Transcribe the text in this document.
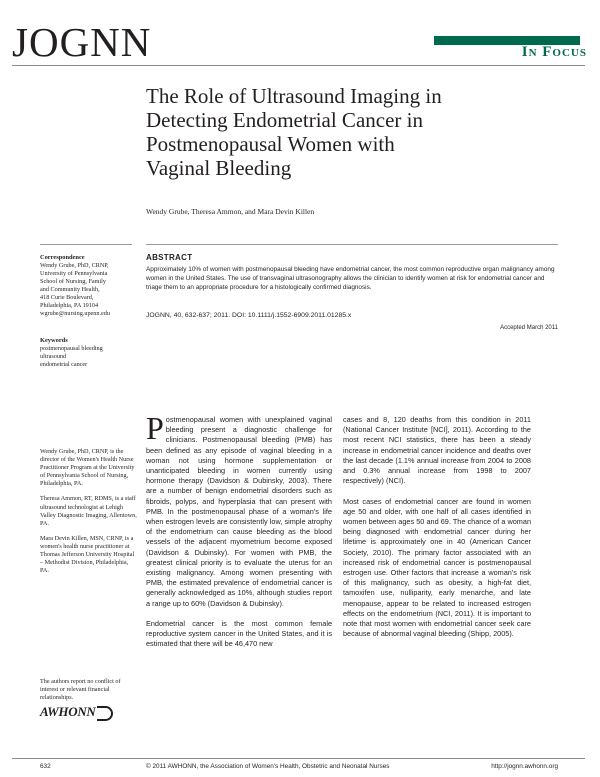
JOGNN	In Focus
The Role of Ultrasound Imaging in Detecting Endometrial Cancer in Postmenopausal Women with Vaginal Bleeding
Wendy Grube, Theresa Ammon, and Mara Devin Killen

Correspondence

Wendy Grube, PhD, CRNP,

University of Pennsylvania

School of Nursing, Family

and Community Health,

418 Curie Boulevard,

Philadelphia, PA 19104

wgrube@nursing.upenn.edu

Keywords

postmenopausal bleeding

ultrasound

endometrial cancer

ABSTRACT

Approximately 10% of women with postmenopausal bleeding have endometrial cancer, the most common reproductive organ malignancy among women in the United States. The use of transvaginal ultrasonography allows the clinician to identify women at risk for endometrial cancer and triage them to an appropriate procedure for a histologically confirmed diagnosis.

JOGNN, 40, 632-637; 2011. DOI: 10.1111/j.1552-6909.2011.01285.x
Accepted March 2011

Wendy Grube, PhD, CRNP, is the director of the Women's Health Nurse Practitioner Program at the University of Pennsylvania School of Nursing, Philadelphia, PA.

Theresa Ammon, RT, RDMS, is a staff ultrasound technologist at Lehigh Valley Diagnostic Imaging, Allentown, PA.

Mara Devin Killen, MSN, CRNP, is a women's health nurse practitioner at Thomas Jefferson University Hospital – Methodist Division, Philadelphia, PA.

The authors report no conflict of interest or relevant financial relationships.

AWHONN

Postmenopausal women with unexplained vaginal bleeding present a diagnostic challenge for clinicians. Postmenopausal bleeding (PMB) has been defined as any episode of vaginal bleeding in a woman not using hormone supplementation or unanticipated bleeding in women currently using hormone therapy (Davidson & Dubinsky, 2003). There are a number of benign endometrial disorders such as fibroids, polyps, and hyperplasia that can present with PMB. In the postmenopausal phase of a woman's life when estrogen levels are consistently low, simple atrophy of the endometrium can cause bleeding as the blood vessels of the adjacent myometrium become exposed (Davidson & Dubinsky). For women with PMB, the greatest clinical priority is to evaluate the uterus for an existing malignancy. Among women presenting with PMB, the estimated prevalence of endometrial cancer is generally acknowledged as 10%, although studies report a range up to 60% (Davidson & Dubinsky).

Endometrial cancer is the most common female reproductive system cancer in the United States, and it is estimated that there will be 46,470 new

cases and 8, 120 deaths from this condition in 2011 (National Cancer Institute [NCI], 2011). According to the most recent NCI statistics, there has been a steady increase in endometrial cancer incidence and deaths over the last decade (1.1% annual increase from 2004 to 2008 and 0.3% annual increase from 1998 to 2007 respectively) (NCI).

Most cases of endometrial cancer are found in women age 50 and older, with one half of all cases identified in women between ages 50 and 69. The chance of a woman being diagnosed with endometrial cancer during her lifetime is approximately one in 40 (American Cancer Society, 2010). The primary factor associated with an increased risk of endometrial cancer is postmenopausal estrogen use. Other factors that increase a woman's risk of this malignancy, such as obesity, a high-fat diet, tamoxifen use, nulliparity, early menarche, and late menopause, appear to be related to increased estrogen effects on the endometrium (NCI, 2011). It is important to note that most women with endometrial cancer seek care because of abnormal vaginal bleeding (Shipp, 2005).

632	© 2011 AWHONN, the Association of Women's Health, Obstetric and Neonatal Nurses	http://jognn.awhonn.org
